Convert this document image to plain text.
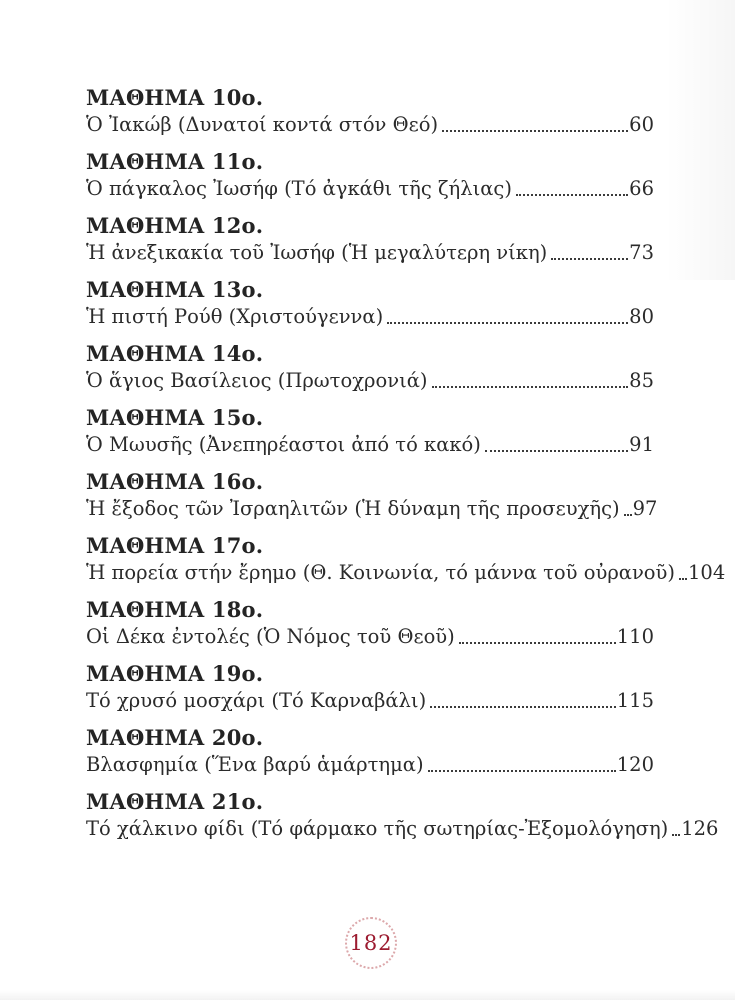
ΜΑΘΗΜΑ 10ο.
Ὁ Ἰακώβ (Δυνατοί κοντά στόν Θεό)	60
ΜΑΘΗΜΑ 11ο.
Ὁ πάγκαλος Ἰωσήφ (Τό ἀγκάθι τῆς ζήλιας)	66
ΜΑΘΗΜΑ 12ο.
Ἡ ἀνεξικακία τοῦ Ἰωσήφ (Ἡ μεγαλύτερη νίκη)	73
ΜΑΘΗΜΑ 13ο.
Ἡ πιστή Ρούθ (Χριστούγεννα)	80
ΜΑΘΗΜΑ 14ο.
Ὁ ἅγιος Βασίλειος (Πρωτοχρονιά)	85
ΜΑΘΗΜΑ 15ο.
Ὁ Μωυσῆς (Ἀνεπηρέαστοι ἀπό τό κακό)	91
ΜΑΘΗΜΑ 16ο.
Ἡ ἔξοδος τῶν Ἰσραηλιτῶν (Ἡ δύναμη τῆς προσευχῆς) 97
ΜΑΘΗΜΑ 17ο.
Ἡ πορεία στήν ἔρημο (Θ. Κοινωνία, τό μάννα τοῦ οὐρανοῦ) 104
ΜΑΘΗΜΑ 18ο.
Οἱ Δέκα ἐντολές (Ὁ Νόμος τοῦ Θεοῦ)	110
ΜΑΘΗΜΑ 19ο.
Τό χρυσό μοσχάρι (Τό Καρναβάλι)	115
ΜΑΘΗΜΑ 20ο.
Βλασφημία (Ἕνα βαρύ ἁμάρτημα)	120
ΜΑΘΗΜΑ 21ο.
Τό χάλκινο φίδι (Τό φάρμακο τῆς σωτηρίας-Ἐξομολόγηση) 126
182
